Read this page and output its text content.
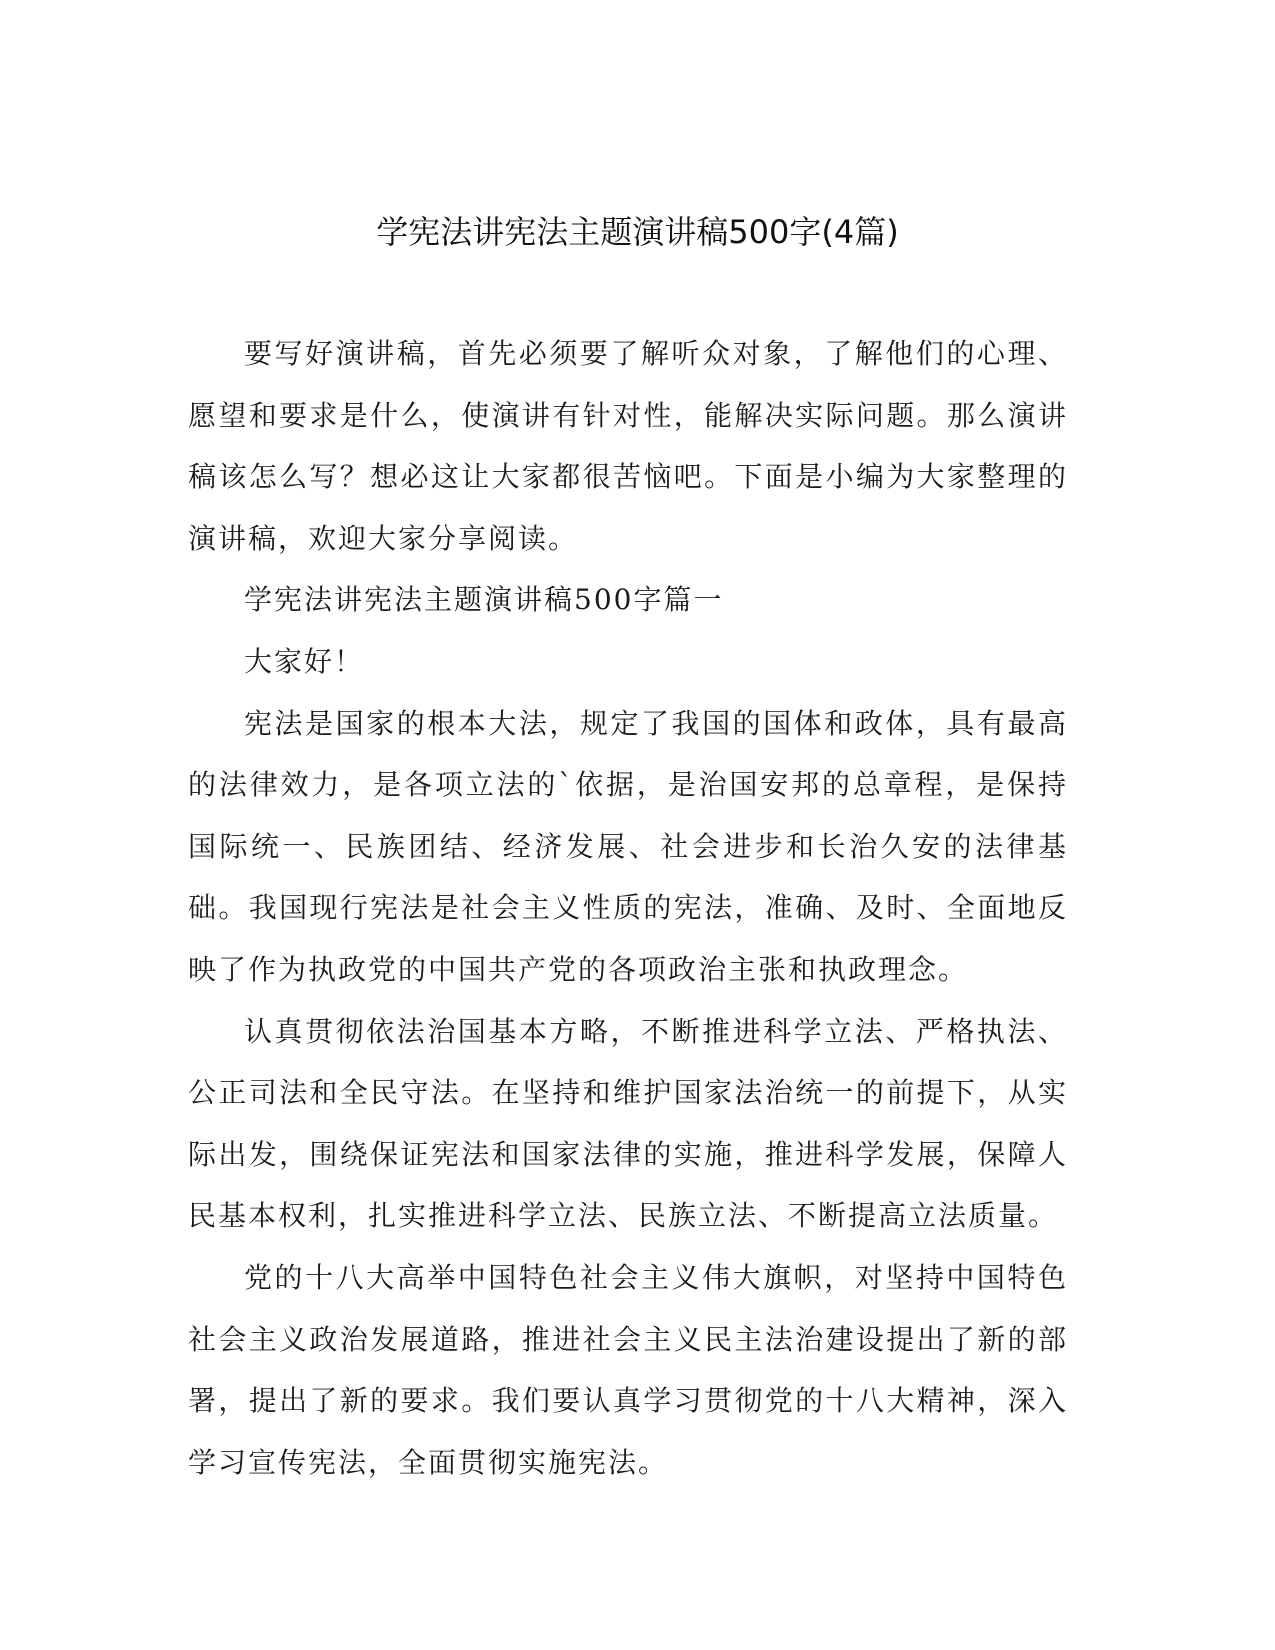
学宪法讲宪法主题演讲稿500字(4篇)

要写好演讲稿，首先必须要了解听众对象，了解他们的心理、愿望和要求是什么，使演讲有针对性，能解决实际问题。那么演讲稿该怎么写？想必这让大家都很苦恼吧。下面是小编为大家整理的演讲稿，欢迎大家分享阅读。

学宪法讲宪法主题演讲稿500字篇一

大家好！

宪法是国家的根本大法，规定了我国的国体和政体，具有最高的法律效力，是各项立法的`依据，是治国安邦的总章程，是保持国际统一、民族团结、经济发展、社会进步和长治久安的法律基础。我国现行宪法是社会主义性质的宪法，准确、及时、全面地反映了作为执政党的中国共产党的各项政治主张和执政理念。

认真贯彻依法治国基本方略，不断推进科学立法、严格执法、公正司法和全民守法。在坚持和维护国家法治统一的前提下，从实际出发，围绕保证宪法和国家法律的实施，推进科学发展，保障人民基本权利，扎实推进科学立法、民族立法、不断提高立法质量。

党的十八大高举中国特色社会主义伟大旗帜，对坚持中国特色社会主义政治发展道路，推进社会主义民主法治建设提出了新的部署，提出了新的要求。我们要认真学习贯彻党的十八大精神，深入学习宣传宪法，全面贯彻实施宪法。
